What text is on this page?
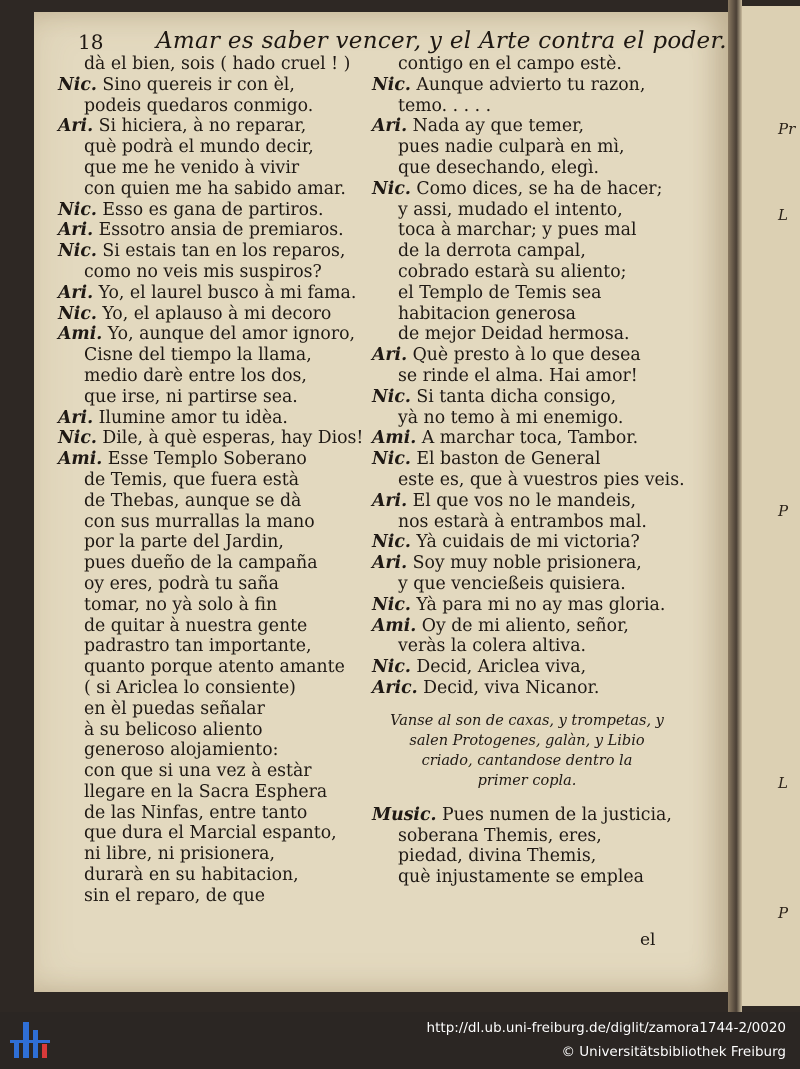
18 Amar es saber vencer, y el Arte contra el poder.
Pr
L
P
L
P
dà el bien, sois ( hado cruel ! )
Nic. Sino quereis ir con èl,
podeis quedaros conmigo.
Ari. Si hiciera, à no reparar,
què podrà el mundo decir,
que me he venido à vivir
con quien me ha sabido amar.
Nic. Esso es gana de partiros.
Ari. Essotro ansia de premiaros.
Nic. Si estais tan en los reparos,
como no veis mis suspiros?
Ari. Yo, el laurel busco à mi fama.
Nic. Yo, el aplauso à mi decoro
Ami. Yo, aunque del amor ignoro,
Cisne del tiempo la llama,
medio darè entre los dos,
que irse, ni partirse sea.
Ari. Ilumine amor tu idèa.
Nic. Dile, à què esperas, hay Dios!
Ami. Esse Templo Soberano
de Temis, que fuera està
de Thebas, aunque se dà
con sus murrallas la mano
por la parte del Jardin,
pues dueño de la campaña
oy eres, podrà tu saña
tomar, no yà solo à fin
de quitar à nuestra gente
padrastro tan importante,
quanto porque atento amante
( si Ariclea lo consiente)
en èl puedas señalar
à su belicoso aliento
generoso alojamiento:
con que si una vez à estàr
llegare en la Sacra Esphera
de las Ninfas, entre tanto
que dura el Marcial espanto,
ni libre, ni prisionera,
durarà en su habitacion,
sin el reparo, de que
contigo en el campo estè.
Nic. Aunque advierto tu razon,
temo. . . . .
Ari. Nada ay que temer,
pues nadie culparà en mì,
que desechando, elegì.
Nic. Como dices, se ha de hacer;
y assi, mudado el intento,
toca à marchar; y pues mal
de la derrota campal,
cobrado estarà su aliento;
el Templo de Temis sea
habitacion generosa
de mejor Deidad hermosa.
Ari. Què presto à lo que desea
se rinde el alma. Hai amor!
Nic. Si tanta dicha consigo,
yà no temo à mi enemigo.
Ami. A marchar toca, Tambor.
Nic. El baston de General
este es, que à vuestros pies veis.
Ari. El que vos no le mandeis,
nos estarà à entrambos mal.
Nic. Yà cuidais de mi victoria?
Ari. Soy muy noble prisionera,
y que vencießeis quisiera.
Nic. Yà para mi no ay mas gloria.
Ami. Oy de mi aliento, señor,
veràs la colera altiva.
Nic. Decid, Ariclea viva,
Aric. Decid, viva Nicanor.
Vanse al son de caxas, y trompetas, y
salen Protogenes, galàn, y Libio
criado, cantandose dentro la
primer copla.
Music. Pues numen de la justicia,
soberana Themis, eres,
piedad, divina Themis,
què injustamente se emplea
el
http://dl.ub.uni-freiburg.de/diglit/zamora1744-2/0020
© Universitätsbibliothek Freiburg
